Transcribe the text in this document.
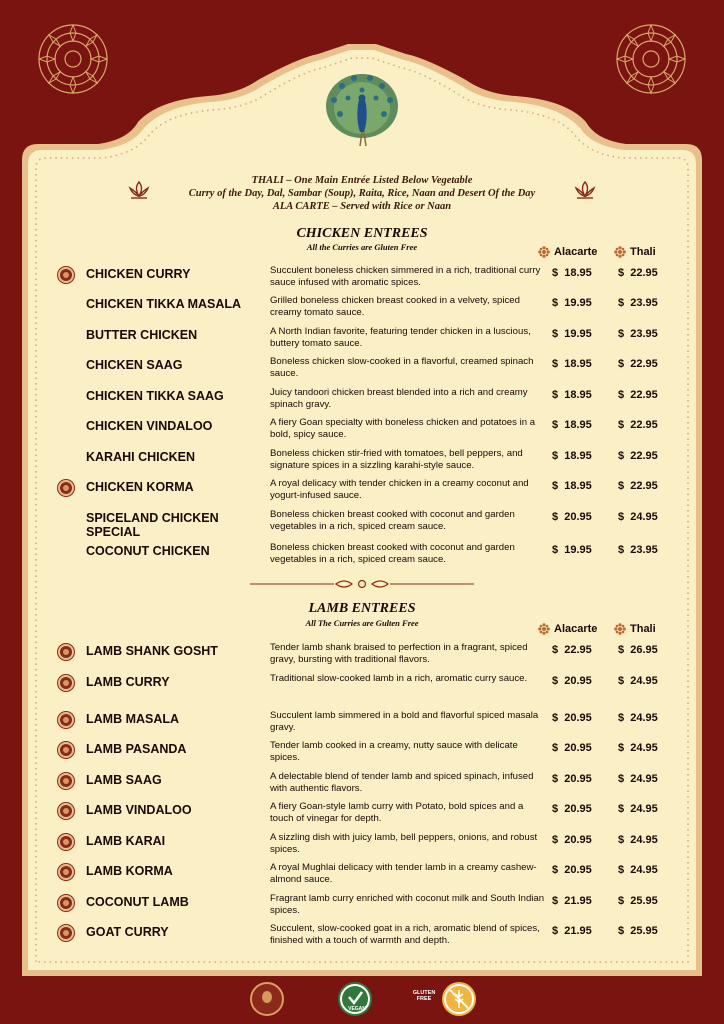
THALI – One Main Entrée Listed Below Vegetable
Curry of the Day, Dal, Sambar (Soup), Raita, Rice, Naan and Desert Of the Day
ALA CARTE – Served with Rice or Naan
CHICKEN ENTREES
All the Curries are Gluten Free	Alacarte	Thali
CHICKEN CURRY	Succulent boneless chicken simmered in a rich, traditional curry sauce infused with aromatic spices.
$  18.95 $  22.95
CHICKEN TIKKA MASALA	Grilled boneless chicken breast cooked in a velvety, spiced creamy tomato sauce.
$  19.95 $  23.95
BUTTER CHICKEN	A North Indian favorite, featuring tender chicken in a luscious, buttery tomato sauce.
$  19.95 $  23.95
CHICKEN SAAG	Boneless chicken slow-cooked in a flavorful, creamed spinach sauce.
$  18.95 $  22.95
CHICKEN TIKKA SAAG	Juicy tandoori chicken breast blended into a rich and creamy spinach gravy.
$  18.95 $  22.95
CHICKEN VINDALOO	A fiery Goan specialty with boneless chicken and potatoes in a bold, spicy sauce.
$  18.95 $  22.95
KARAHI CHICKEN	Boneless chicken stir-fried with tomatoes, bell peppers, and signature spices in a sizzling karahi-style sauce.
$  18.95 $  22.95
CHICKEN KORMA	A royal delicacy with tender chicken in a creamy coconut and yogurt-infused sauce.
$  18.95 $  22.95
SPICELAND CHICKEN SPECIAL
Boneless chicken breast cooked with coconut and garden vegetables in a rich, spiced cream sauce.
$  20.95 $  24.95
COCONUT CHICKEN	Boneless chicken breast cooked with coconut and garden vegetables in a rich, spiced cream sauce.
$  19.95 $  23.95
LAMB ENTREES
All The Curries are Gulten Free	Alacarte	Thali
LAMB SHANK GOSHT	Tender lamb shank braised to perfection in a fragrant, spiced gravy, bursting with traditional flavors.
$  22.95 $  26.95
LAMB CURRY	Traditional slow-cooked lamb in a rich, aromatic curry sauce.	$  20.95 $  24.95
LAMB MASALA	Succulent lamb simmered in a bold and flavorful spiced masala gravy.
$  20.95 $  24.95
LAMB PASANDA	Tender lamb cooked in a creamy, nutty sauce with delicate spices.
$  20.95 $  24.95
LAMB SAAG	A delectable blend of tender lamb and spiced spinach, infused with authentic flavors.
$  20.95 $  24.95
LAMB VINDALOO	A fiery Goan-style lamb curry with Potato, bold spices and a touch of vinegar for depth.
$  20.95 $  24.95
LAMB KARAI	A sizzling dish with juicy lamb, bell peppers, onions, and robust spices.
$  20.95 $  24.95
LAMB KORMA	A royal Mughlai delicacy with tender lamb in a creamy cashew-almond sauce.
$  20.95 $  24.95
COCONUT LAMB	Fragrant lamb curry enriched with coconut milk and South Indian spices.
$  21.95 $  25.95
GOAT CURRY	Succulent, slow-cooked goat in a rich, aromatic blend of spices, finished with a touch of warmth and depth.
$  21.95 $  25.95
VEGAN
GLUTEN FREE
